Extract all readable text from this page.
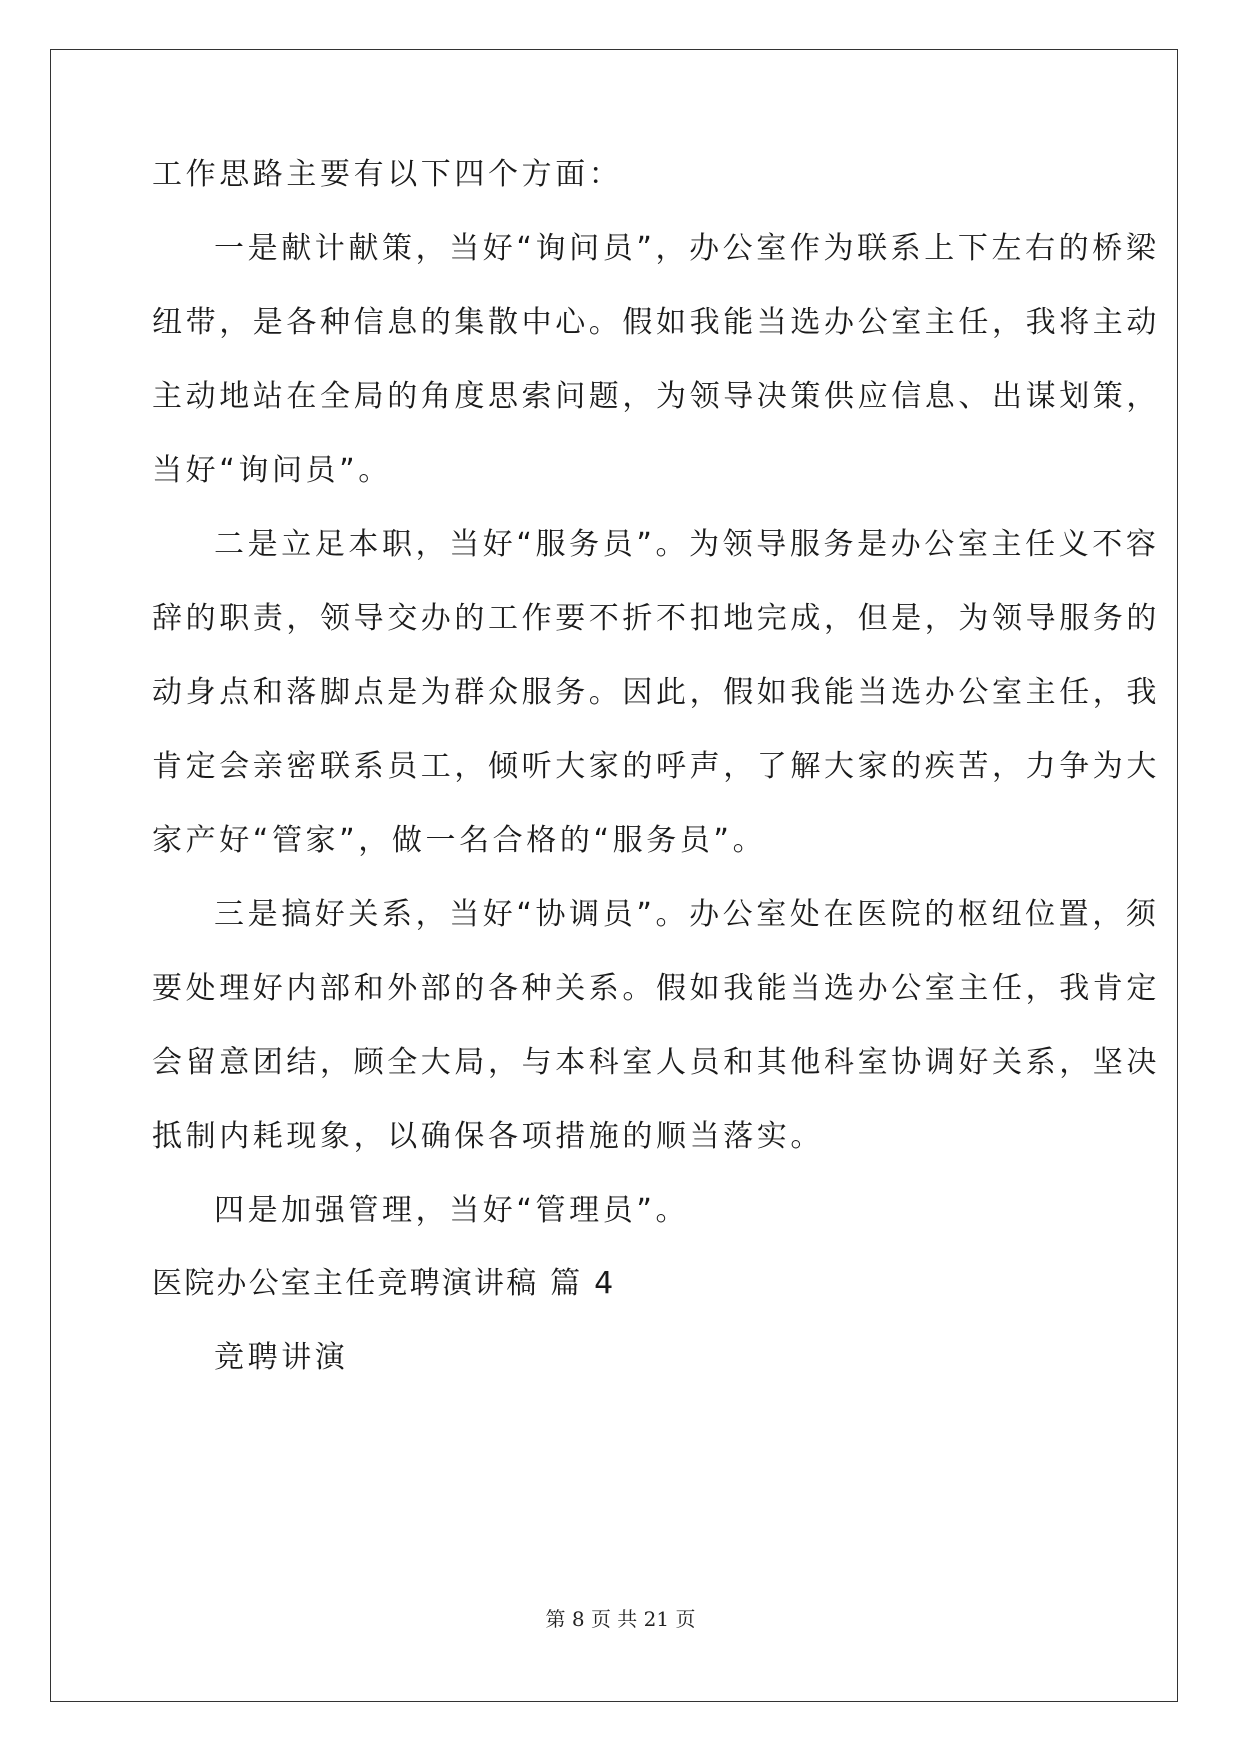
工作思路主要有以下四个方面：
一是献计献策，当好“询问员”，办公室作为联系上下左右的桥梁
纽带，是各种信息的集散中心。假如我能当选办公室主任，我将主动
主动地站在全局的角度思索问题，为领导决策供应信息、出谋划策，
当好“询问员”。
二是立足本职，当好“服务员”。为领导服务是办公室主任义不容
辞的职责，领导交办的工作要不折不扣地完成，但是，为领导服务的
动身点和落脚点是为群众服务。因此，假如我能当选办公室主任，我
肯定会亲密联系员工，倾听大家的呼声，了解大家的疾苦，力争为大
家产好“管家”，做一名合格的“服务员”。
三是搞好关系，当好“协调员”。办公室处在医院的枢纽位置，须
要处理好内部和外部的各种关系。假如我能当选办公室主任，我肯定
会留意团结，顾全大局，与本科室人员和其他科室协调好关系，坚决
抵制内耗现象，以确保各项措施的顺当落实。
四是加强管理，当好“管理员”。
医院办公室主任竞聘演讲稿 篇 4
竞聘讲演
第 8 页 共 21 页
